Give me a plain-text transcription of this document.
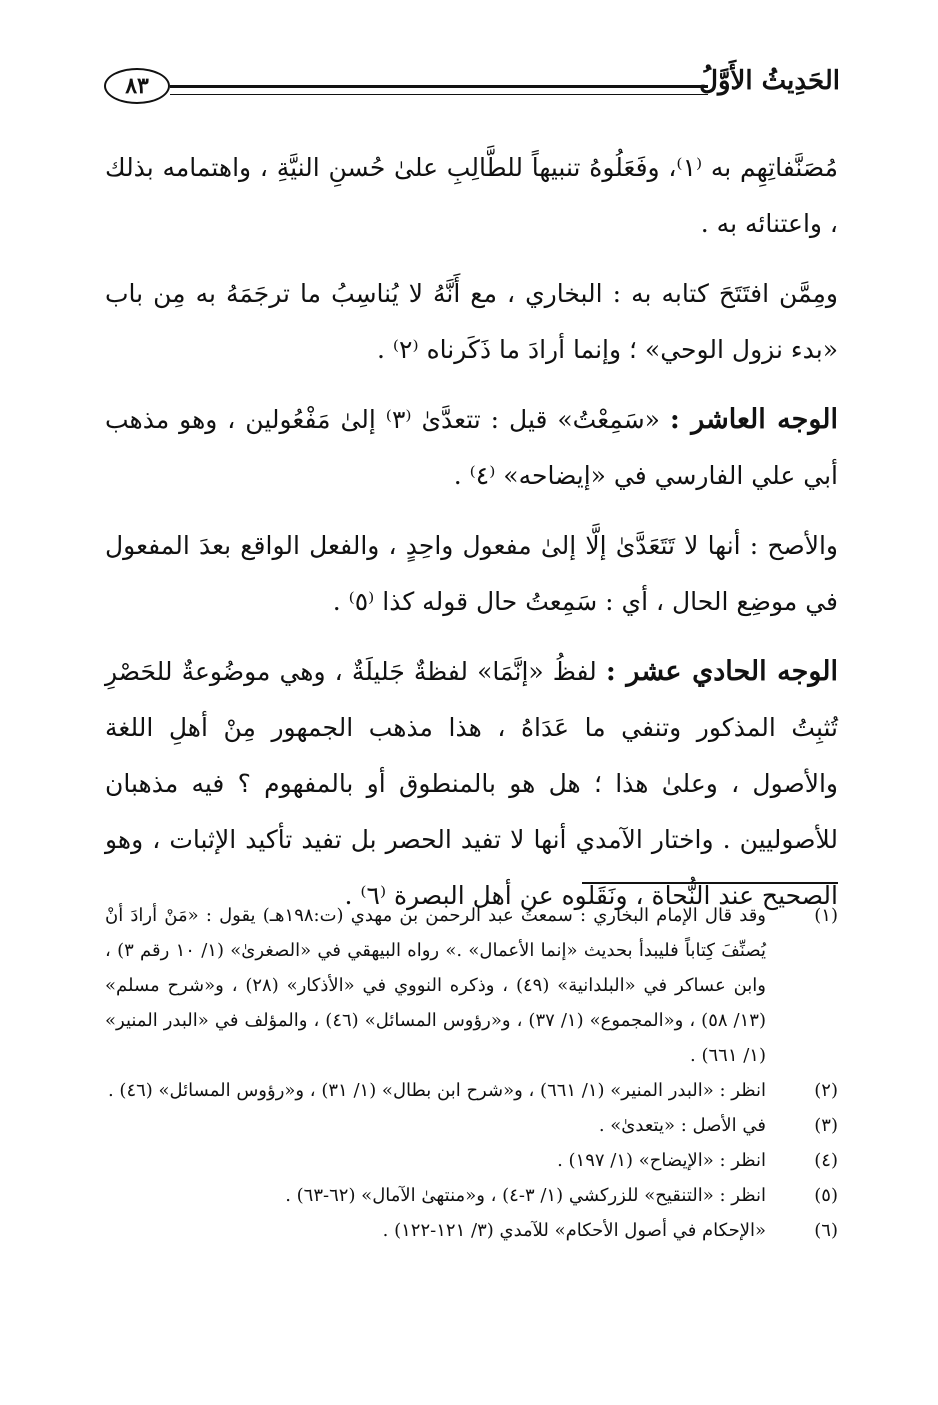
الحَدِيثُ الأَوَّلُ
٨٣

مُصَنَّفاتِهِم به ⁽١⁾، وفَعَلُوهُ تنبيهاً للطَّالِبِ علىٰ حُسنِ النيَّةِ ، واهتمامه بذلك ، واعتنائه به .

ومِمَّن افتَتَحَ كتابه به : البخاري ، مع أَنَّهُ لا يُناسِبُ ما ترجَمَهُ به مِن باب «بدء نزول الوحي» ؛ وإنما أرادَ ما ذَكَرناه ⁽٢⁾ .

الوجه العاشر : «سَمِعْتُ» قيل : تتعدَّىٰ ⁽٣⁾ إلىٰ مَفْعُولين ، وهو مذهب أبي علي الفارسي في «إيضاحه» ⁽٤⁾ .

والأصح : أنها لا تَتَعَدَّىٰ إلَّا إلىٰ مفعول واحِدٍ ، والفعل الواقع بعدَ المفعول في موضِع الحال ، أي : سَمِعتُ حال قوله كذا ⁽٥⁾ .

الوجه الحادي عشر : لفظُ «إنَّمَا» لفظةٌ جَليلَةٌ ، وهي موضُوعةٌ للحَصْرِ تُثبِتُ المذكور وتنفي ما عَدَاهُ ، هذا مذهب الجمهور مِنْ أهلِ اللغة والأصول ، وعلىٰ هذا ؛ هل هو بالمنطوق أو بالمفهوم ؟ فيه مذهبان للأصوليين . واختار الآمدي أنها لا تفيد الحصر بل تفيد تأكيد الإثبات ، وهو الصحيح عند النُّحاة ، ونَقَلوه عن أهل البصرة ⁽٦⁾ .

(١)
وقد قال الإمام البخاري : سمعتُ عبد الرحمن بن مهدي (ت:١٩٨هـ) يقول : «مَنْ أرادَ أنْ يُصنِّفَ كِتاباً فليبدأ بحديث «إنما الأعمال» .» رواه البيهقي في «الصغرىٰ» (١/ ١٠ رقم ٣) ، وابن عساكر في «البلدانية» (٤٩) ، وذكره النووي في «الأذكار» (٢٨) ، و«شرح مسلم» (١٣/ ٥٨) ، و«المجموع» (١/ ٣٧) ، و«رؤوس المسائل» (٤٦) ، والمؤلف في «البدر المنير» (١/ ٦٦١) .
(٢)
انظر : «البدر المنير» (١/ ٦٦١) ، و«شرح ابن بطال» (١/ ٣١) ، و«رؤوس المسائل» (٤٦) .
(٣)
في الأصل : «يتعدىٰ» .
(٤)
انظر : «الإيضاح» (١/ ١٩٧) .
(٥)
انظر : «التنقيح» للزركشي (١/ ٣-٤) ، و«منتهىٰ الآمال» (٦٢-٦٣) .
(٦)
«الإحكام في أصول الأحكام» للآمدي (٣/ ١٢١-١٢٢) .
